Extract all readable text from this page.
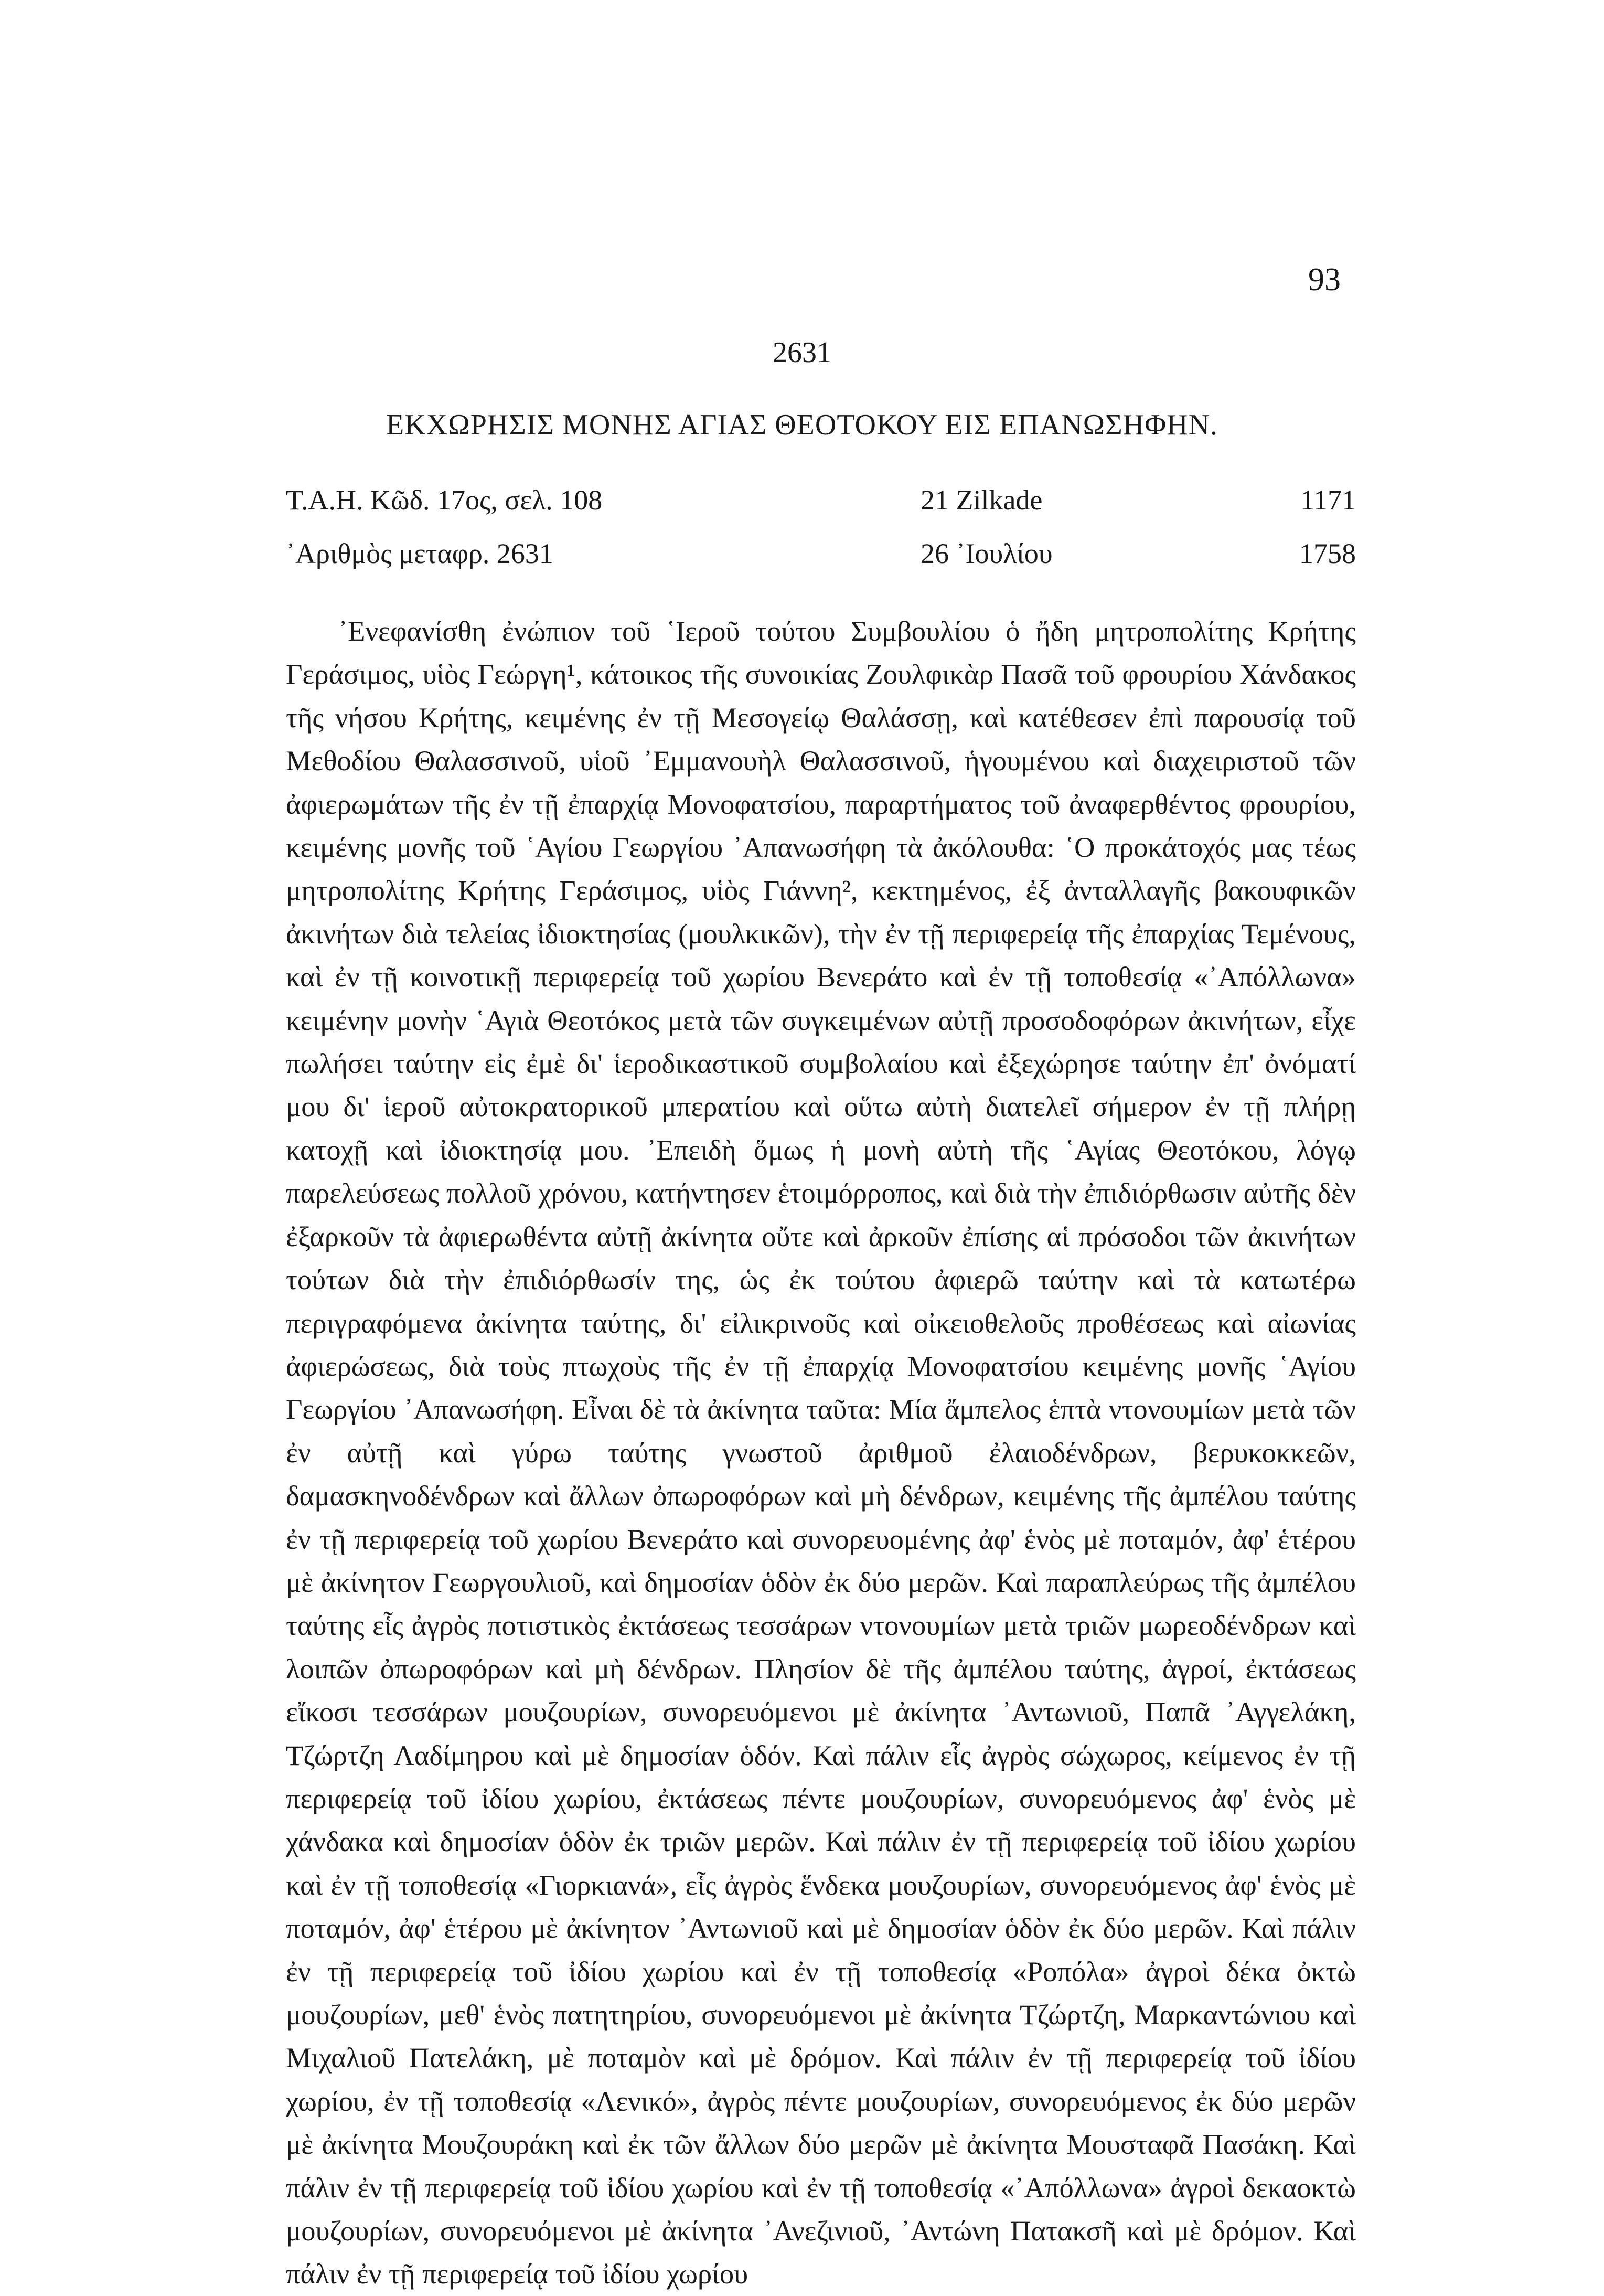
93
2631
ΕΚΧΩΡΗΣΙΣ ΜΟΝΗΣ ΑΓΙΑΣ ΘΕΟΤΟΚΟΥ ΕΙΣ ΕΠΑΝΩΣΗΦΗΝ.
Τ.Α.Η. Κῶδ. 17ος, σελ. 108	21 Zilkade	1171
᾿Αριθμὸς μεταφρ. 2631	26 ᾿Ιουλίου	1758

᾿Ενεφανίσθη ἐνώπιον τοῦ ῾Ιεροῦ τούτου Συμβουλίου ὁ ἤδη μητροπολίτης Κρήτης Γεράσιμος, υἱὸς Γεώργη¹, κάτοικος τῆς συνοικίας Ζουλφικὰρ Πασᾶ τοῦ φρουρίου Χάνδακος τῆς νήσου Κρήτης, κειμένης ἐν τῇ Μεσογείῳ Θαλάσσῃ, καὶ κατέθεσεν ἐπὶ παρουσίᾳ τοῦ Μεθοδίου Θαλασσινοῦ, υἱοῦ ᾿Εμμανουὴλ Θαλασσινοῦ, ἡγουμένου καὶ διαχειριστοῦ τῶν ἀφιερωμάτων τῆς ἐν τῇ ἐπαρχίᾳ Μονοφατσίου, παραρτήματος τοῦ ἀναφερθέντος φρουρίου, κειμένης μονῆς τοῦ ῾Αγίου Γεωργίου ᾿Απανωσήφη τὰ ἀκόλουθα: ῾Ο προκάτοχός μας τέως μητροπολίτης Κρήτης Γεράσιμος, υἱὸς Γιάννη², κεκτημένος, ἐξ ἀνταλλαγῆς βακουφικῶν ἀκινήτων διὰ τελείας ἰδιοκτησίας (μουλκικῶν), τὴν ἐν τῇ περιφερείᾳ τῆς ἐπαρχίας Τεμένους, καὶ ἐν τῇ κοινοτικῇ περιφερείᾳ τοῦ χωρίου Βενεράτο καὶ ἐν τῇ τοποθεσίᾳ «᾿Απόλλωνα» κειμένην μονὴν ῾Αγιὰ Θεοτόκος μετὰ τῶν συγκειμένων αὐτῇ προσοδοφόρων ἀκινήτων, εἶχε πωλήσει ταύτην εἰς ἐμὲ δι' ἱεροδικαστικοῦ συμβολαίου καὶ ἐξεχώρησε ταύτην ἐπ' ὀνόματί μου δι' ἱεροῦ αὐτοκρατορικοῦ μπερατίου καὶ οὕτω αὐτὴ διατελεῖ σήμερον ἐν τῇ πλήρῃ κατοχῇ καὶ ἰδιοκτησίᾳ μου. ᾿Επειδὴ ὅμως ἡ μονὴ αὐτὴ τῆς ῾Αγίας Θεοτόκου, λόγῳ παρελεύσεως πολλοῦ χρόνου, κατήντησεν ἑτοιμόρροπος, καὶ διὰ τὴν ἐπιδιόρθωσιν αὐτῆς δὲν ἐξαρκοῦν τὰ ἀφιερωθέντα αὐτῇ ἀκίνητα οὔτε καὶ ἀρκοῦν ἐπίσης αἱ πρόσοδοι τῶν ἀκινήτων τούτων διὰ τὴν ἐπιδιόρθωσίν της, ὡς ἐκ τούτου ἀφιερῶ ταύτην καὶ τὰ κατωτέρω περιγραφόμενα ἀκίνητα ταύτης, δι' εἰλικρινοῦς καὶ οἰκειοθελοῦς προθέσεως καὶ αἰωνίας ἀφιερώσεως, διὰ τοὺς πτωχοὺς τῆς ἐν τῇ ἐπαρχίᾳ Μονοφατσίου κειμένης μονῆς ῾Αγίου Γεωργίου ᾿Απανωσήφη. Εἶναι δὲ τὰ ἀκίνητα ταῦτα: Μία ἄμπελος ἑπτὰ ντονουμίων μετὰ τῶν ἐν αὐτῇ καὶ γύρω ταύτης γνωστοῦ ἀριθμοῦ ἐλαιοδένδρων, βερυκοκκεῶν, δαμασκηνοδένδρων καὶ ἄλλων ὀπωροφόρων καὶ μὴ δένδρων, κειμένης τῆς ἀμπέλου ταύτης ἐν τῇ περιφερείᾳ τοῦ χωρίου Βενεράτο καὶ συνορευομένης ἀφ' ἑνὸς μὲ ποταμόν, ἀφ' ἑτέρου μὲ ἀκίνητον Γεωργουλιοῦ, καὶ δημοσίαν ὁδὸν ἐκ δύο μερῶν. Καὶ παραπλεύρως τῆς ἀμπέλου ταύτης εἷς ἀγρὸς ποτιστικὸς ἐκτάσεως τεσσάρων ντονουμίων μετὰ τριῶν μωρεοδένδρων καὶ λοιπῶν ὀπωροφόρων καὶ μὴ δένδρων. Πλησίον δὲ τῆς ἀμπέλου ταύτης, ἀγροί, ἐκτάσεως εἴκοσι τεσσάρων μουζουρίων, συνορευόμενοι μὲ ἀκίνητα ᾿Αντωνιοῦ, Παπᾶ ᾿Αγγελάκη, Τζώρτζη Λαδίμηρου καὶ μὲ δημοσίαν ὁδόν. Καὶ πάλιν εἷς ἀγρὸς σώχωρος, κείμενος ἐν τῇ περιφερείᾳ τοῦ ἰδίου χωρίου, ἐκτάσεως πέντε μουζουρίων, συνορευόμενος ἀφ' ἑνὸς μὲ χάνδακα καὶ δημοσίαν ὁδὸν ἐκ τριῶν μερῶν. Καὶ πάλιν ἐν τῇ περιφερείᾳ τοῦ ἰδίου χωρίου καὶ ἐν τῇ τοποθεσίᾳ «Γιορκιανά», εἷς ἀγρὸς ἕνδεκα μουζουρίων, συνορευόμενος ἀφ' ἑνὸς μὲ ποταμόν, ἀφ' ἑτέρου μὲ ἀκίνητον ᾿Αντωνιοῦ καὶ μὲ δημοσίαν ὁδὸν ἐκ δύο μερῶν. Καὶ πάλιν ἐν τῇ περιφερείᾳ τοῦ ἰδίου χωρίου καὶ ἐν τῇ τοποθεσίᾳ «Ροπόλα» ἀγροὶ δέκα ὀκτὼ μουζουρίων, μεθ' ἑνὸς πατητηρίου, συνορευόμενοι μὲ ἀκίνητα Τζώρτζη, Μαρκαντώνιου καὶ Μιχαλιοῦ Πατελάκη, μὲ ποταμὸν καὶ μὲ δρόμον. Καὶ πάλιν ἐν τῇ περιφερείᾳ τοῦ ἰδίου χωρίου, ἐν τῇ τοποθεσίᾳ «Λενικό», ἀγρὸς πέντε μουζουρίων, συνορευόμενος ἐκ δύο μερῶν μὲ ἀκίνητα Μουζουράκη καὶ ἐκ τῶν ἄλλων δύο μερῶν μὲ ἀκίνητα Μουσταφᾶ Πασάκη. Καὶ πάλιν ἐν τῇ περιφερείᾳ τοῦ ἰδίου χωρίου καὶ ἐν τῇ τοποθεσίᾳ «᾿Απόλλωνα» ἀγροὶ δεκαοκτὼ μουζουρίων, συνορευόμενοι μὲ ἀκίνητα ᾿Ανεζινιοῦ, ᾿Αντώνη Πατακσῆ καὶ μὲ δρόμον. Καὶ πάλιν ἐν τῇ περιφερείᾳ τοῦ ἰδίου χωρίου
